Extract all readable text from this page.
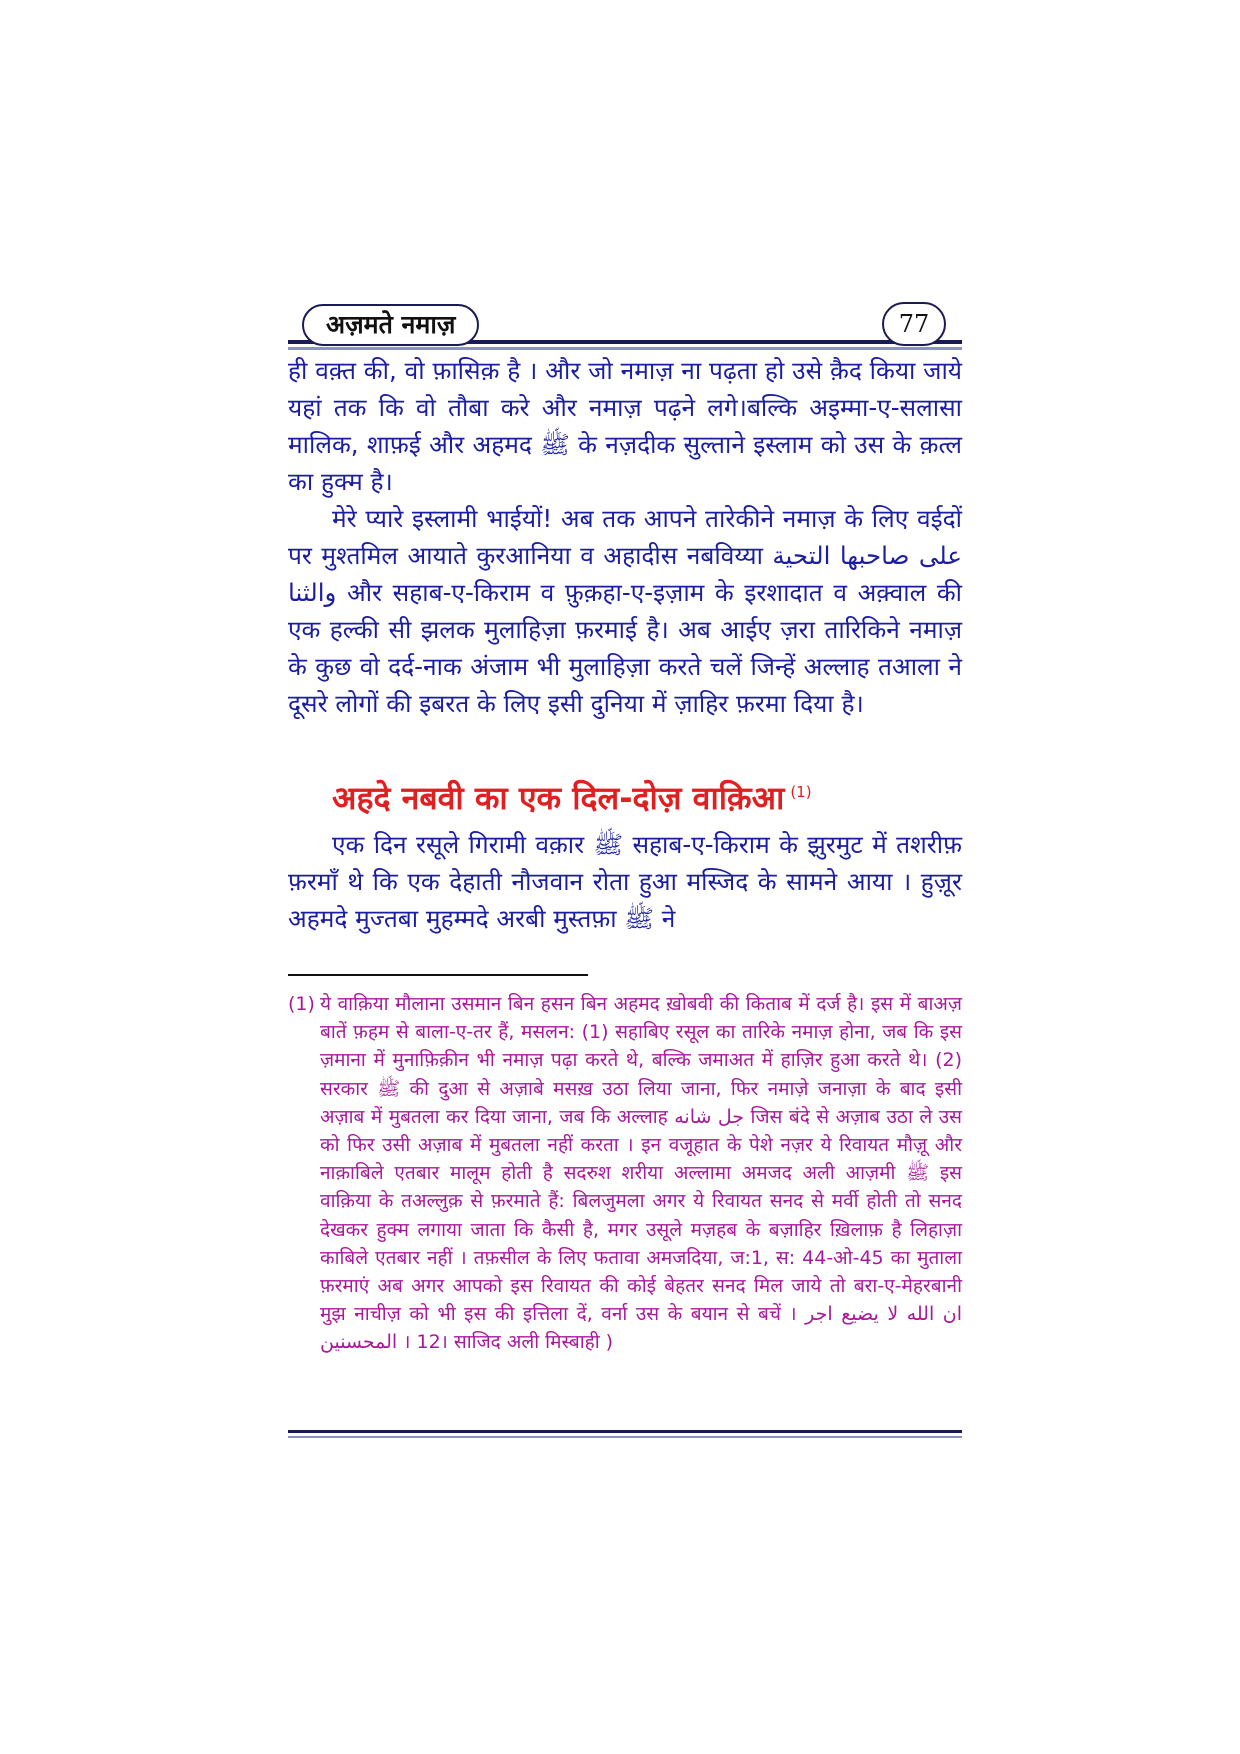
अज़मते नमाज़	77

ही वक़्त की, वो फ़ासिक़ है । और जो नमाज़ ना पढ़ता हो उसे क़ैद किया जाये यहां तक कि वो तौबा करे और नमाज़ पढ़ने लगे।बल्कि अइम्मा-ए-सलासा मालिक, शाफ़ई और अहमद ﷺ के नज़दीक सुल्ताने इस्लाम को उस के क़त्ल का हुक्म है।

मेरे प्यारे इस्लामी भाईयों! अब तक आपने तारेकीने नमाज़ के लिए वईदों पर मुश्तमिल आयाते कुरआनिया व अहादीस नबविय्या على صاحبها التحية والثنا और सहाब-ए-किराम व फ़ुक़हा-ए-इज़ाम के इरशादात व अक़्वाल की एक हल्की सी झलक मुलाहिज़ा फ़रमाई है। अब आईए ज़रा तारिकिने नमाज़ के कुछ वो दर्द-नाक अंजाम भी मुलाहिज़ा करते चलें जिन्हें अल्लाह तआला ने दूसरे लोगों की इबरत के लिए इसी दुनिया में ज़ाहिर फ़रमा दिया है।

अहदे नबवी का एक दिल-दोज़ वाक़िआ $^{(1)}$

एक दिन रसूले गिरामी वक़ार ﷺ सहाब-ए-किराम के झुरमुट में तशरीफ़ फ़रमाँ थे कि एक देहाती नौजवान रोता हुआ मस्जिद के सामने आया । हुज़ूर अहमदे मुज्तबा मुहम्मदे अरबी मुस्तफ़ा ﷺ ने

(1) ये वाक़िया मौलाना उसमान बिन हसन बिन अहमद ख़ोबवी की किताब में दर्ज है। इस में बाअज़ बातें फ़हम से बाला-ए-तर हैं, मसलन: (1) सहाबिए रसूल का तारिके नमाज़ होना, जब कि इस ज़माना में मुनाफ़िक़ीन भी नमाज़ पढ़ा करते थे, बल्कि जमाअत में हाज़िर हुआ करते थे। (2) सरकार ﷺ की दुआ से अज़ाबे मसख़ उठा लिया जाना, फिर नमाज़े जनाज़ा के बाद इसी अज़ाब में मुबतला कर दिया जाना, जब कि अल्लाह جل شانه जिस बंदे से अज़ाब उठा ले उस को फिर उसी अज़ाब में मुबतला नहीं करता । इन वजूहात के पेशे नज़र ये रिवायत मौज़ू और नाक़ाबिले एतबार मालूम होती है सदरुश शरीया अल्लामा अमजद अली आज़मी ﷺ इस वाक़िया के तअल्लुक़ से फ़रमाते हैं: बिलजुमला अगर ये रिवायत सनद से मर्वी होती तो सनद देखकर हुक्म लगाया जाता कि कैसी है, मगर उसूले मज़हब के बज़ाहिर ख़िलाफ़ है लिहाज़ा काबिले एतबार नहीं । तफ़सील के लिए फतावा अमजदिया, ज:1, स: 44-ओ-45 का मुताला फ़रमाएं अब अगर आपको इस रिवायत की कोई बेहतर सनद मिल जाये तो बरा-ए-मेहरबानी मुझ नाचीज़ को भी इस की इत्तिला दें, वर्ना उस के बयान से बचें । ان الله لا يضيع اجر المحسنين । 12। साजिद अली मिस्बाही )
